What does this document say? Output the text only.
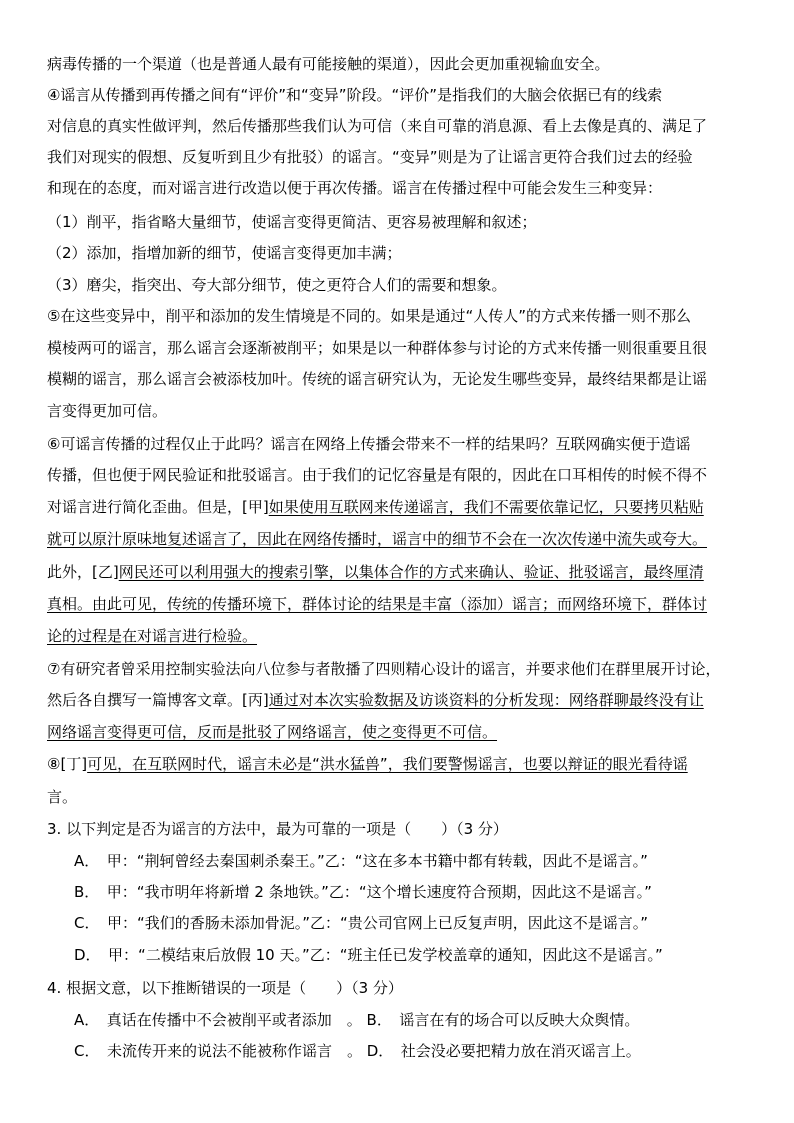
病毒传播的一个渠道（也是普通人最有可能接触的渠道），因此会更加重视输血安全。
④谣言从传播到再传播之间有“评价”和“变异”阶段。“评价”是指我们的大脑会依据已有的线索
对信息的真实性做评判，然后传播那些我们认为可信（来自可靠的消息源、看上去像是真的、满足了
我们对现实的假想、反复听到且少有批驳）的谣言。“变异”则是为了让谣言更符合我们过去的经验
和现在的态度，而对谣言进行改造以便于再次传播。谣言在传播过程中可能会发生三种变异：
（1）削平，指省略大量细节，使谣言变得更简洁、更容易被理解和叙述；
（2）添加，指增加新的细节，使谣言变得更加丰满；
（3）磨尖，指突出、夸大部分细节，使之更符合人们的需要和想象。
⑤在这些变异中，削平和添加的发生情境是不同的。如果是通过“人传人”的方式来传播一则不那么
模棱两可的谣言，那么谣言会逐渐被削平；如果是以一种群体参与讨论的方式来传播一则很重要且很
模糊的谣言，那么谣言会被添枝加叶。传统的谣言研究认为，无论发生哪些变异，最终结果都是让谣
言变得更加可信。
⑥可谣言传播的过程仅止于此吗？谣言在网络上传播会带来不一样的结果吗？互联网确实便于造谣
传播，但也便于网民验证和批驳谣言。由于我们的记忆容量是有限的，因此在口耳相传的时候不得不
对谣言进行简化歪曲。但是，[甲]如果使用互联网来传递谣言，我们不需要依靠记忆，只要拷贝粘贴
就可以原汁原味地复述谣言了，因此在网络传播时，谣言中的细节不会在一次次传递中流失或夸大。
此外，[乙]网民还可以利用强大的搜索引擎，以集体合作的方式来确认、验证、批驳谣言，最终厘清
真相。由此可见，传统的传播环境下，群体讨论的结果是丰富（添加）谣言；而网络环境下，群体讨
论的过程是在对谣言进行检验。
⑦有研究者曾采用控制实验法向八位参与者散播了四则精心设计的谣言，并要求他们在群里展开讨论，
然后各自撰写一篇博客文章。[丙]通过对本次实验数据及访谈资料的分析发现：网络群聊最终没有让
网络谣言变得更可信，反而是批驳了网络谣言，使之变得更不可信。
⑧[丁]可见，在互联网时代，谣言未必是“洪水猛兽”，我们要警惕谣言，也要以辩证的眼光看待谣
言。
3. 以下判定是否为谣言的方法中，最为可靠的一项是（　　）（3 分）
A．　甲：“荆轲曾经去秦国刺杀秦王。”乙：“这在多本书籍中都有转载，因此不是谣言。”
B．　甲：“我市明年将新增 2 条地铁。”乙：“这个增长速度符合预期，因此这不是谣言。”
C．　甲：“我们的香肠未添加骨泥。”乙：“贵公司官网上已反复声明，因此这不是谣言。”
D．　甲：“二模结束后放假 10 天。”乙：“班主任已发学校盖章的通知，因此这不是谣言。”
4. 根据文意，以下推断错误的一项是（　　）（3 分）
A．　真话在传播中不会被削平或者添加　。 B．　谣言在有的场合可以反映大众舆情。
C．　未流传开来的说法不能被称作谣言　。 D．　社会没必要把精力放在消灭谣言上。
